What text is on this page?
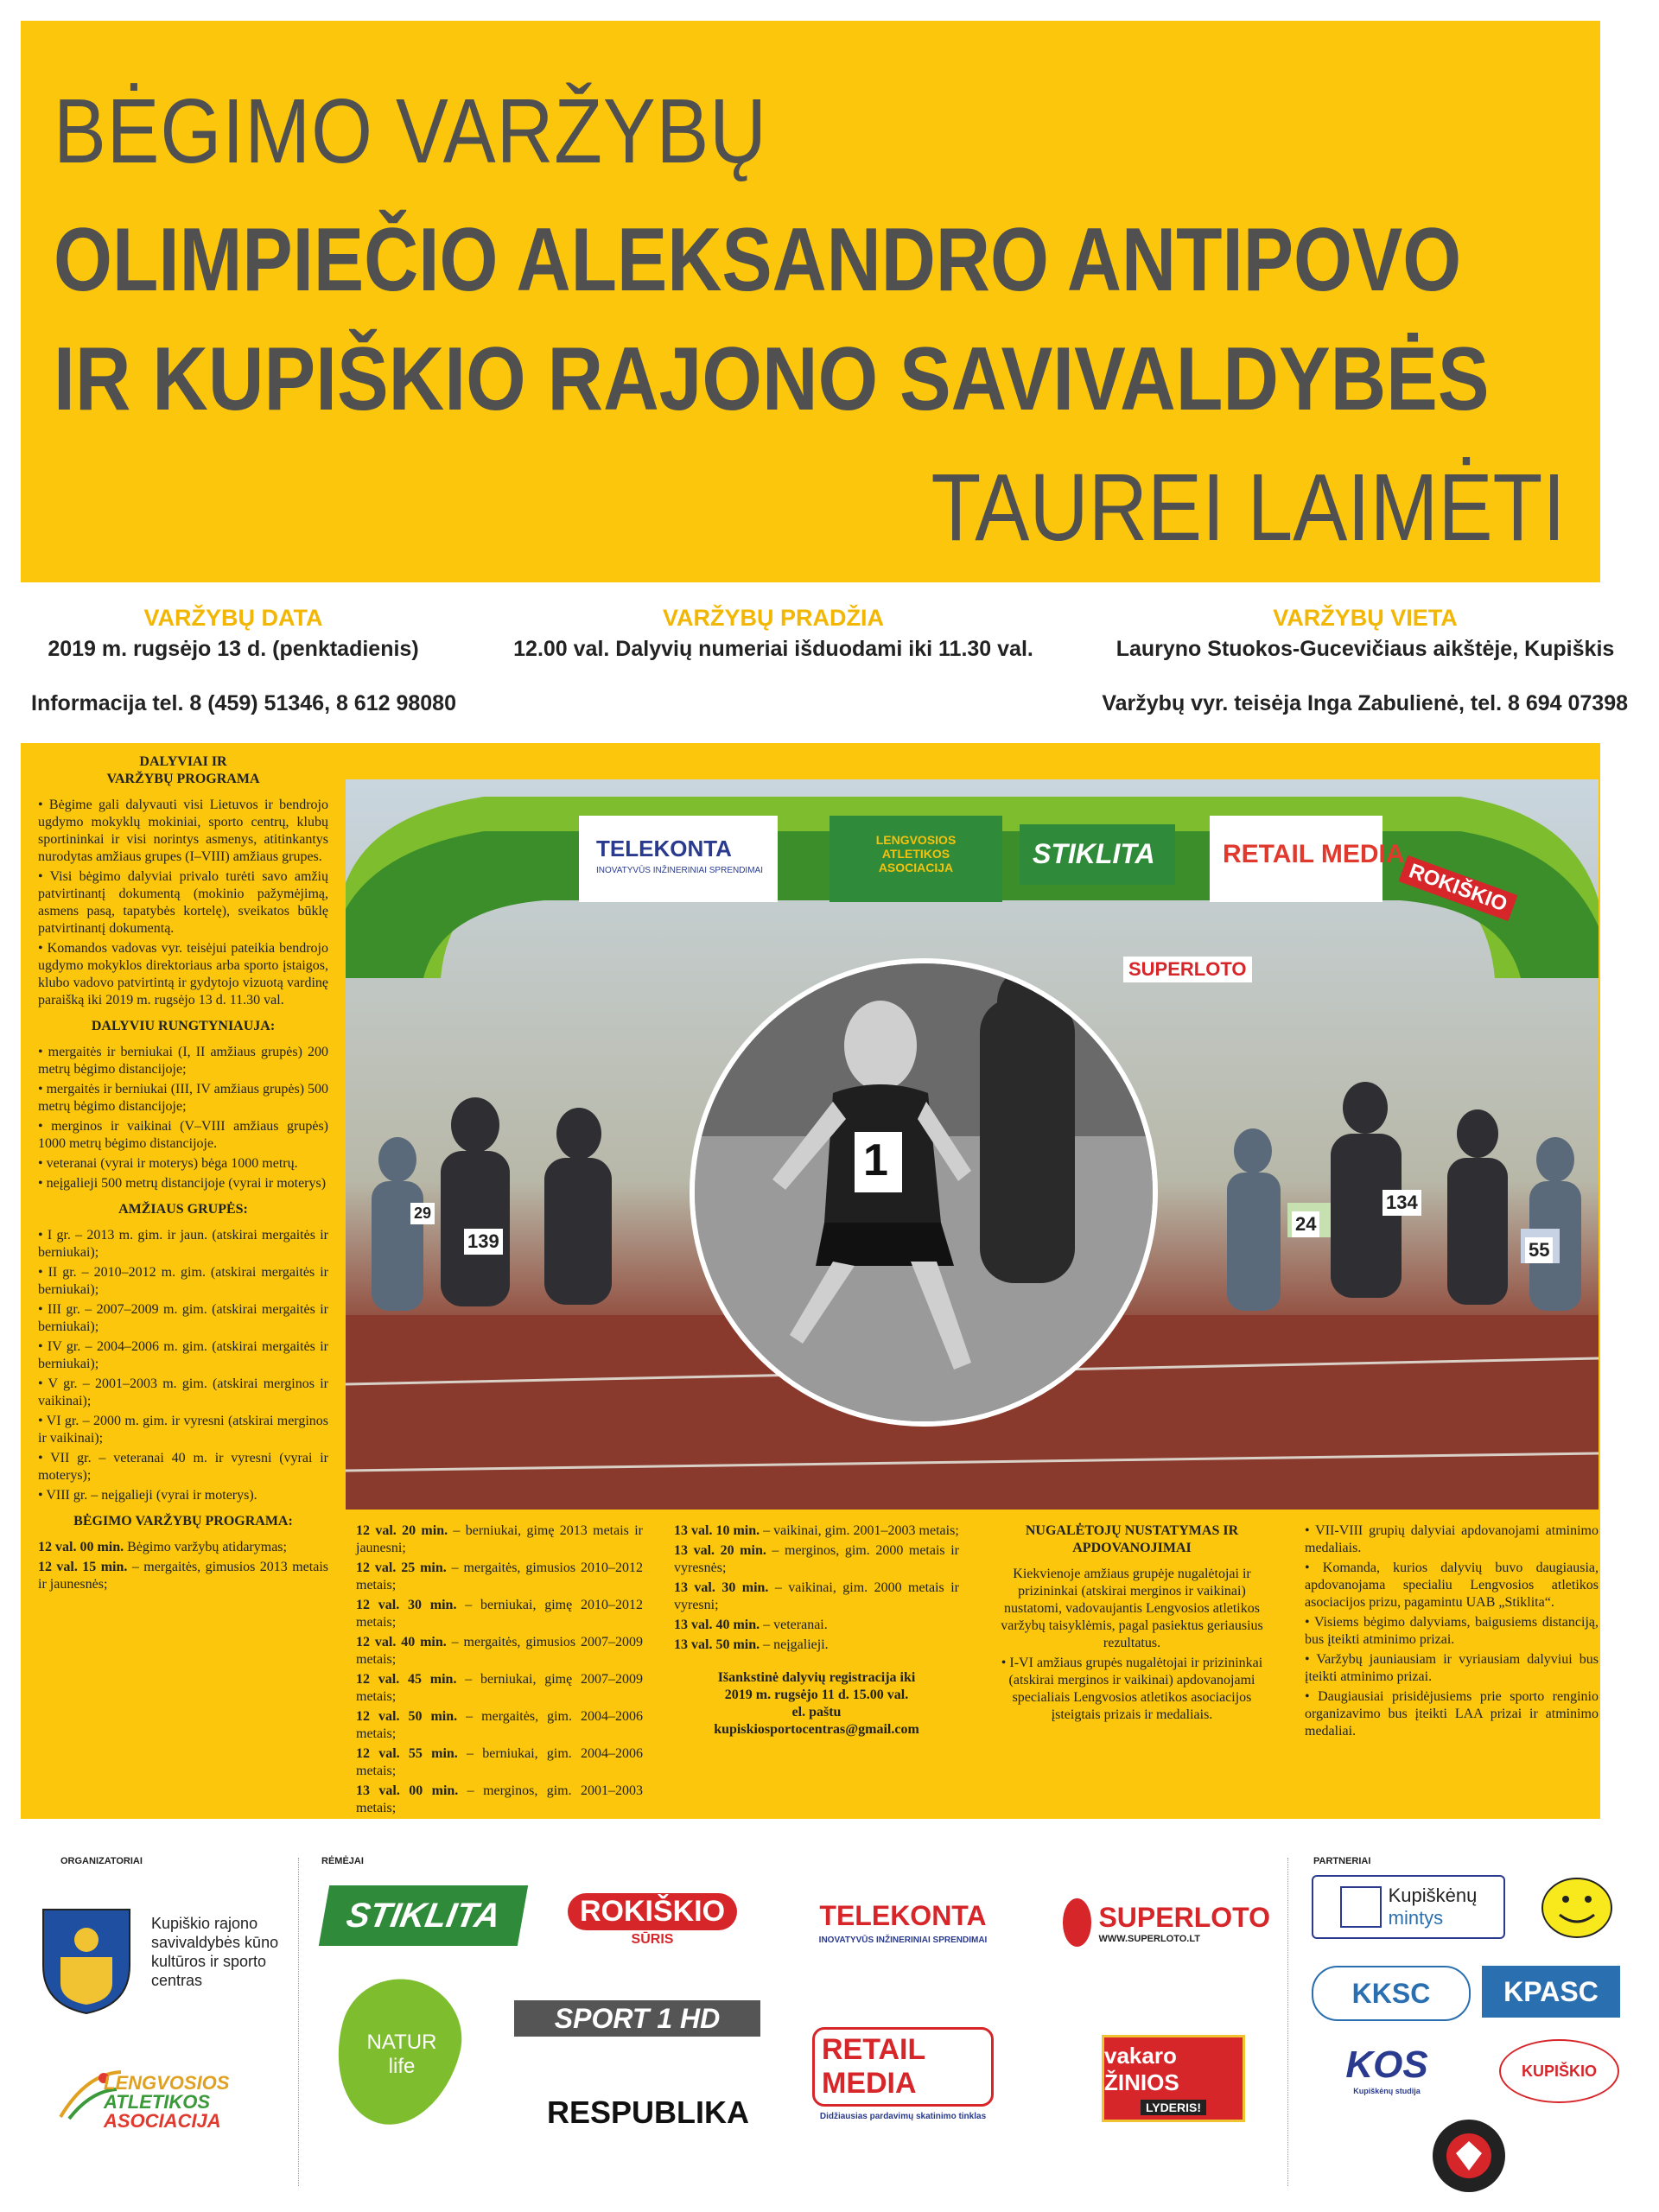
BĖGIMO VARŽYBŲ
OLIMPIEČIO ALEKSANDRO ANTIPOVO
IR KUPIŠKIO RAJONO SAVIVALDYBĖS
TAUREI LAIMĖTI
VARŽYBŲ DATA
2019 m. rugsėjo 13 d. (penktadienis)
VARŽYBŲ PRADŽIA
12.00 val. Dalyvių numeriai išduodami iki 11.30 val.
VARŽYBŲ VIETA
Lauryno Stuokos-Gucevičiaus aikštėje, Kupiškis
Informacija tel. 8 (459) 51346, 8 612 98080	Varžybų vyr. teisėja Inga Zabulienė, tel. 8 694 07398
DALYVIAI IR VARŽYBŲ PROGRAMA

• Bėgime gali dalyvauti visi Lietuvos ir bendrojo ugdymo mokyklų mokiniai, sporto centrų, klubų sportininkai ir visi norintys asmenys, atitinkantys nurodytas amžiaus grupes (I–VIII) amžiaus grupes.

• Visi bėgimo dalyviai privalo turėti savo amžių patvirtinantį dokumentą (mokinio pažymėjimą, asmens pasą, tapatybės kortelę), sveikatos būklę patvirtinantį dokumentą.

• Komandos vadovas vyr. teisėjui pateikia bendrojo ugdymo mokyklos direktoriaus arba sporto įstaigos, klubo vadovo patvirtintą ir gydytojo vizuotą vardinę paraišką iki 2019 m. rugsėjo 13 d. 11.30 val.

DALYVIU RUNGTYNIAUJA:

• mergaitės ir berniukai (I, II amžiaus grupės) 200 metrų bėgimo distancijoje;

• mergaitės ir berniukai (III, IV amžiaus grupės) 500 metrų bėgimo distancijoje;

• merginos ir vaikinai (V–VIII amžiaus grupės) 1000 metrų bėgimo distancijoje.

• veteranai (vyrai ir moterys) bėga 1000 metrų.

• neįgalieji 500 metrų distancijoje (vyrai ir moterys)

AMŽIAUS GRUPĖS:

• I gr. – 2013 m. gim. ir jaun. (atskirai mergaitės ir berniukai);

• II gr. – 2010–2012 m. gim. (atskirai mergaitės ir berniukai);

• III gr. – 2007–2009 m. gim. (atskirai mergaitės ir berniukai);

• IV gr. – 2004–2006 m. gim. (atskirai mergaitės ir berniukai);

• V gr. – 2001–2003 m. gim. (atskirai merginos ir vaikinai);

• VI gr. – 2000 m. gim. ir vyresni (atskirai merginos ir vaikinai);

• VII gr. – veteranai 40 m. ir vyresni (vyrai ir moterys);

• VIII gr. – neįgalieji (vyrai ir moterys).

BĖGIMO VARŽYBŲ PROGRAMA:

12 val. 00 min. Bėgimo varžybų atidarymas;

12 val. 15 min. – mergaitės, gimusios 2013 metais ir jaunesnės;

TELEKONTA
INOVATYVŪS INŽINERINIAI SPRENDIMAI
LENGVOSIOS ATLETIKOS ASOCIACIJA	STIKLITA	RETAIL MEDIA
ROKIŠKIO
SUPERLOTO
139
29	134
24
55
1

12 val. 20 min. – berniukai, gimę 2013 metais ir jaunesni;

12 val. 25 min. – mergaitės, gimusios 2010–2012 metais;

12 val. 30 min. – berniukai, gimę 2010–2012 metais;

12 val. 40 min. – mergaitės, gimusios 2007–2009 metais;

12 val. 45 min. – berniukai, gimę 2007–2009 metais;

12 val. 50 min. – mergaitės, gim. 2004–2006 metais;

12 val. 55 min. – berniukai, gim. 2004–2006 metais;

13 val. 00 min. – merginos, gim. 2001–2003 metais;

13 val. 10 min. – vaikinai, gim. 2001–2003 metais;

13 val. 20 min. – merginos, gim. 2000 metais ir vyresnės;

13 val. 30 min. – vaikinai, gim. 2000 metais ir vyresni;

13 val. 40 min. – veteranai.

13 val. 50 min. – neįgalieji.

Išankstinė dalyvių registracija iki
2019 m. rugsėjo 11 d. 15.00 val.
el. paštu
kupiskiosportocentras@gmail.com
NUGALĖTOJŲ NUSTATYMAS IR APDOVANOJIMAI

Kiekvienoje amžiaus grupėje nugalėtojai ir prizininkai (atskirai merginos ir vaikinai) nustatomi, vadovaujantis Lengvosios atletikos varžybų taisyklėmis, pagal pasiektus geriausius rezultatus.

• I-VI amžiaus grupės nugalėtojai ir prizininkai (atskirai merginos ir vaikinai) apdovanojami specialiais Lengvosios atletikos asociacijos įsteigtais prizais ir medaliais.

• VII-VIII grupių dalyviai apdovanojami atminimo medaliais.

• Komanda, kurios dalyvių buvo daugiausia, apdovanojama specialiu Lengvosios atletikos asociacijos prizu, pagamintu UAB „Stiklita“.

• Visiems bėgimo dalyviams, baigusiems distanciją, bus įteikti atminimo prizai.

• Varžybų jauniausiam ir vyriausiam dalyviui bus įteikti atminimo prizai.

• Daugiausiai prisidėjusiems prie sporto renginio organizavimo bus įteikti LAA prizai ir atminimo medaliai.

ORGANIZATORIAI	RĖMĖJAI	PARTNERIAI
Kupiškio rajono savivaldybės kūno kultūros ir sporto centras
LENGVOSIOS
ATLETIKOS
ASOCIACIJA
STIKLITA
NATUR life
ROKIŠKIO
SŪRIS
SPORT 1 HD
RESPUBLIKA
TELEKONTA
INOVATYVŪS INŽINERINIAI SPRENDIMAI
RETAIL MEDIA
Didžiausias pardavimų skatinimo tinklas
SUPERLOTO
WWW.SUPERLOTO.LT
vakaro ŽINIOS
LYDERIS!
Kupiškėnų
mintys
KKSC	KPASC
KOS
Kupiškėnų studija
KUPIŠKIO
